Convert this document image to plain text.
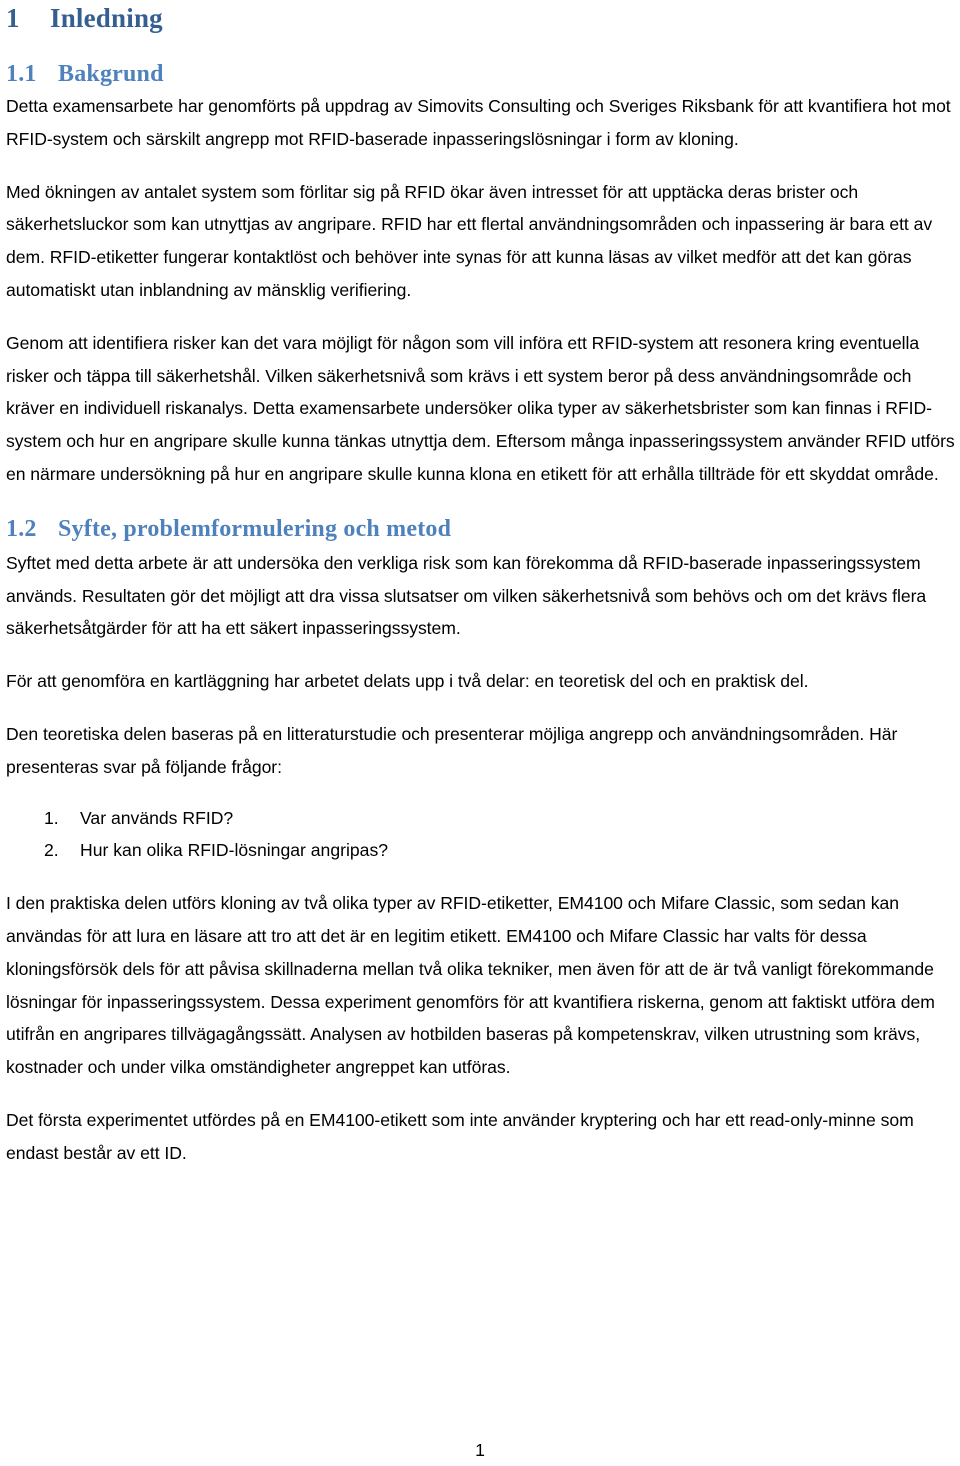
1 Inledning
1.1 Bakgrund

Detta examensarbete har genomförts på uppdrag av Simovits Consulting och Sveriges Riksbank för att kvantifiera hot mot RFID-system och särskilt angrepp mot RFID-baserade inpasseringslösningar i form av kloning.

Med ökningen av antalet system som förlitar sig på RFID ökar även intresset för att upptäcka deras brister och säkerhetsluckor som kan utnyttjas av angripare. RFID har ett flertal användningsområden och inpassering är bara ett av dem. RFID-etiketter fungerar kontaktlöst och behöver inte synas för att kunna läsas av vilket medför att det kan göras automatiskt utan inblandning av mänsklig verifiering.

Genom att identifiera risker kan det vara möjligt för någon som vill införa ett RFID-system att resonera kring eventuella risker och täppa till säkerhetshål. Vilken säkerhetsnivå som krävs i ett system beror på dess användningsområde och kräver en individuell riskanalys. Detta examensarbete undersöker olika typer av säkerhetsbrister som kan finnas i RFID-system och hur en angripare skulle kunna tänkas utnyttja dem. Eftersom många inpasseringssystem använder RFID utförs en närmare undersökning på hur en angripare skulle kunna klona en etikett för att erhålla tillträde för ett skyddat område.

1.2 Syfte, problemformulering och metod

Syftet med detta arbete är att undersöka den verkliga risk som kan förekomma då RFID-baserade inpasseringssystem används. Resultaten gör det möjligt att dra vissa slutsatser om vilken säkerhetsnivå som behövs och om det krävs flera säkerhetsåtgärder för att ha ett säkert inpasseringssystem.

För att genomföra en kartläggning har arbetet delats upp i två delar: en teoretisk del och en praktisk del.

Den teoretiska delen baseras på en litteraturstudie och presenterar möjliga angrepp och användningsområden. Här presenteras svar på följande frågor:

1. Var används RFID?
2. Hur kan olika RFID-lösningar angripas?

I den praktiska delen utförs kloning av två olika typer av RFID-etiketter, EM4100 och Mifare Classic, som sedan kan användas för att lura en läsare att tro att det är en legitim etikett. EM4100 och Mifare Classic har valts för dessa kloningsförsök dels för att påvisa skillnaderna mellan två olika tekniker, men även för att de är två vanligt förekommande lösningar för inpasseringssystem. Dessa experiment genomförs för att kvantifiera riskerna, genom att faktiskt utföra dem utifrån en angripares tillvägagångssätt. Analysen av hotbilden baseras på kompetenskrav, vilken utrustning som krävs, kostnader och under vilka omständigheter angreppet kan utföras.

Det första experimentet utfördes på en EM4100-etikett som inte använder kryptering och har ett read-only-minne som endast består av ett ID.

1
